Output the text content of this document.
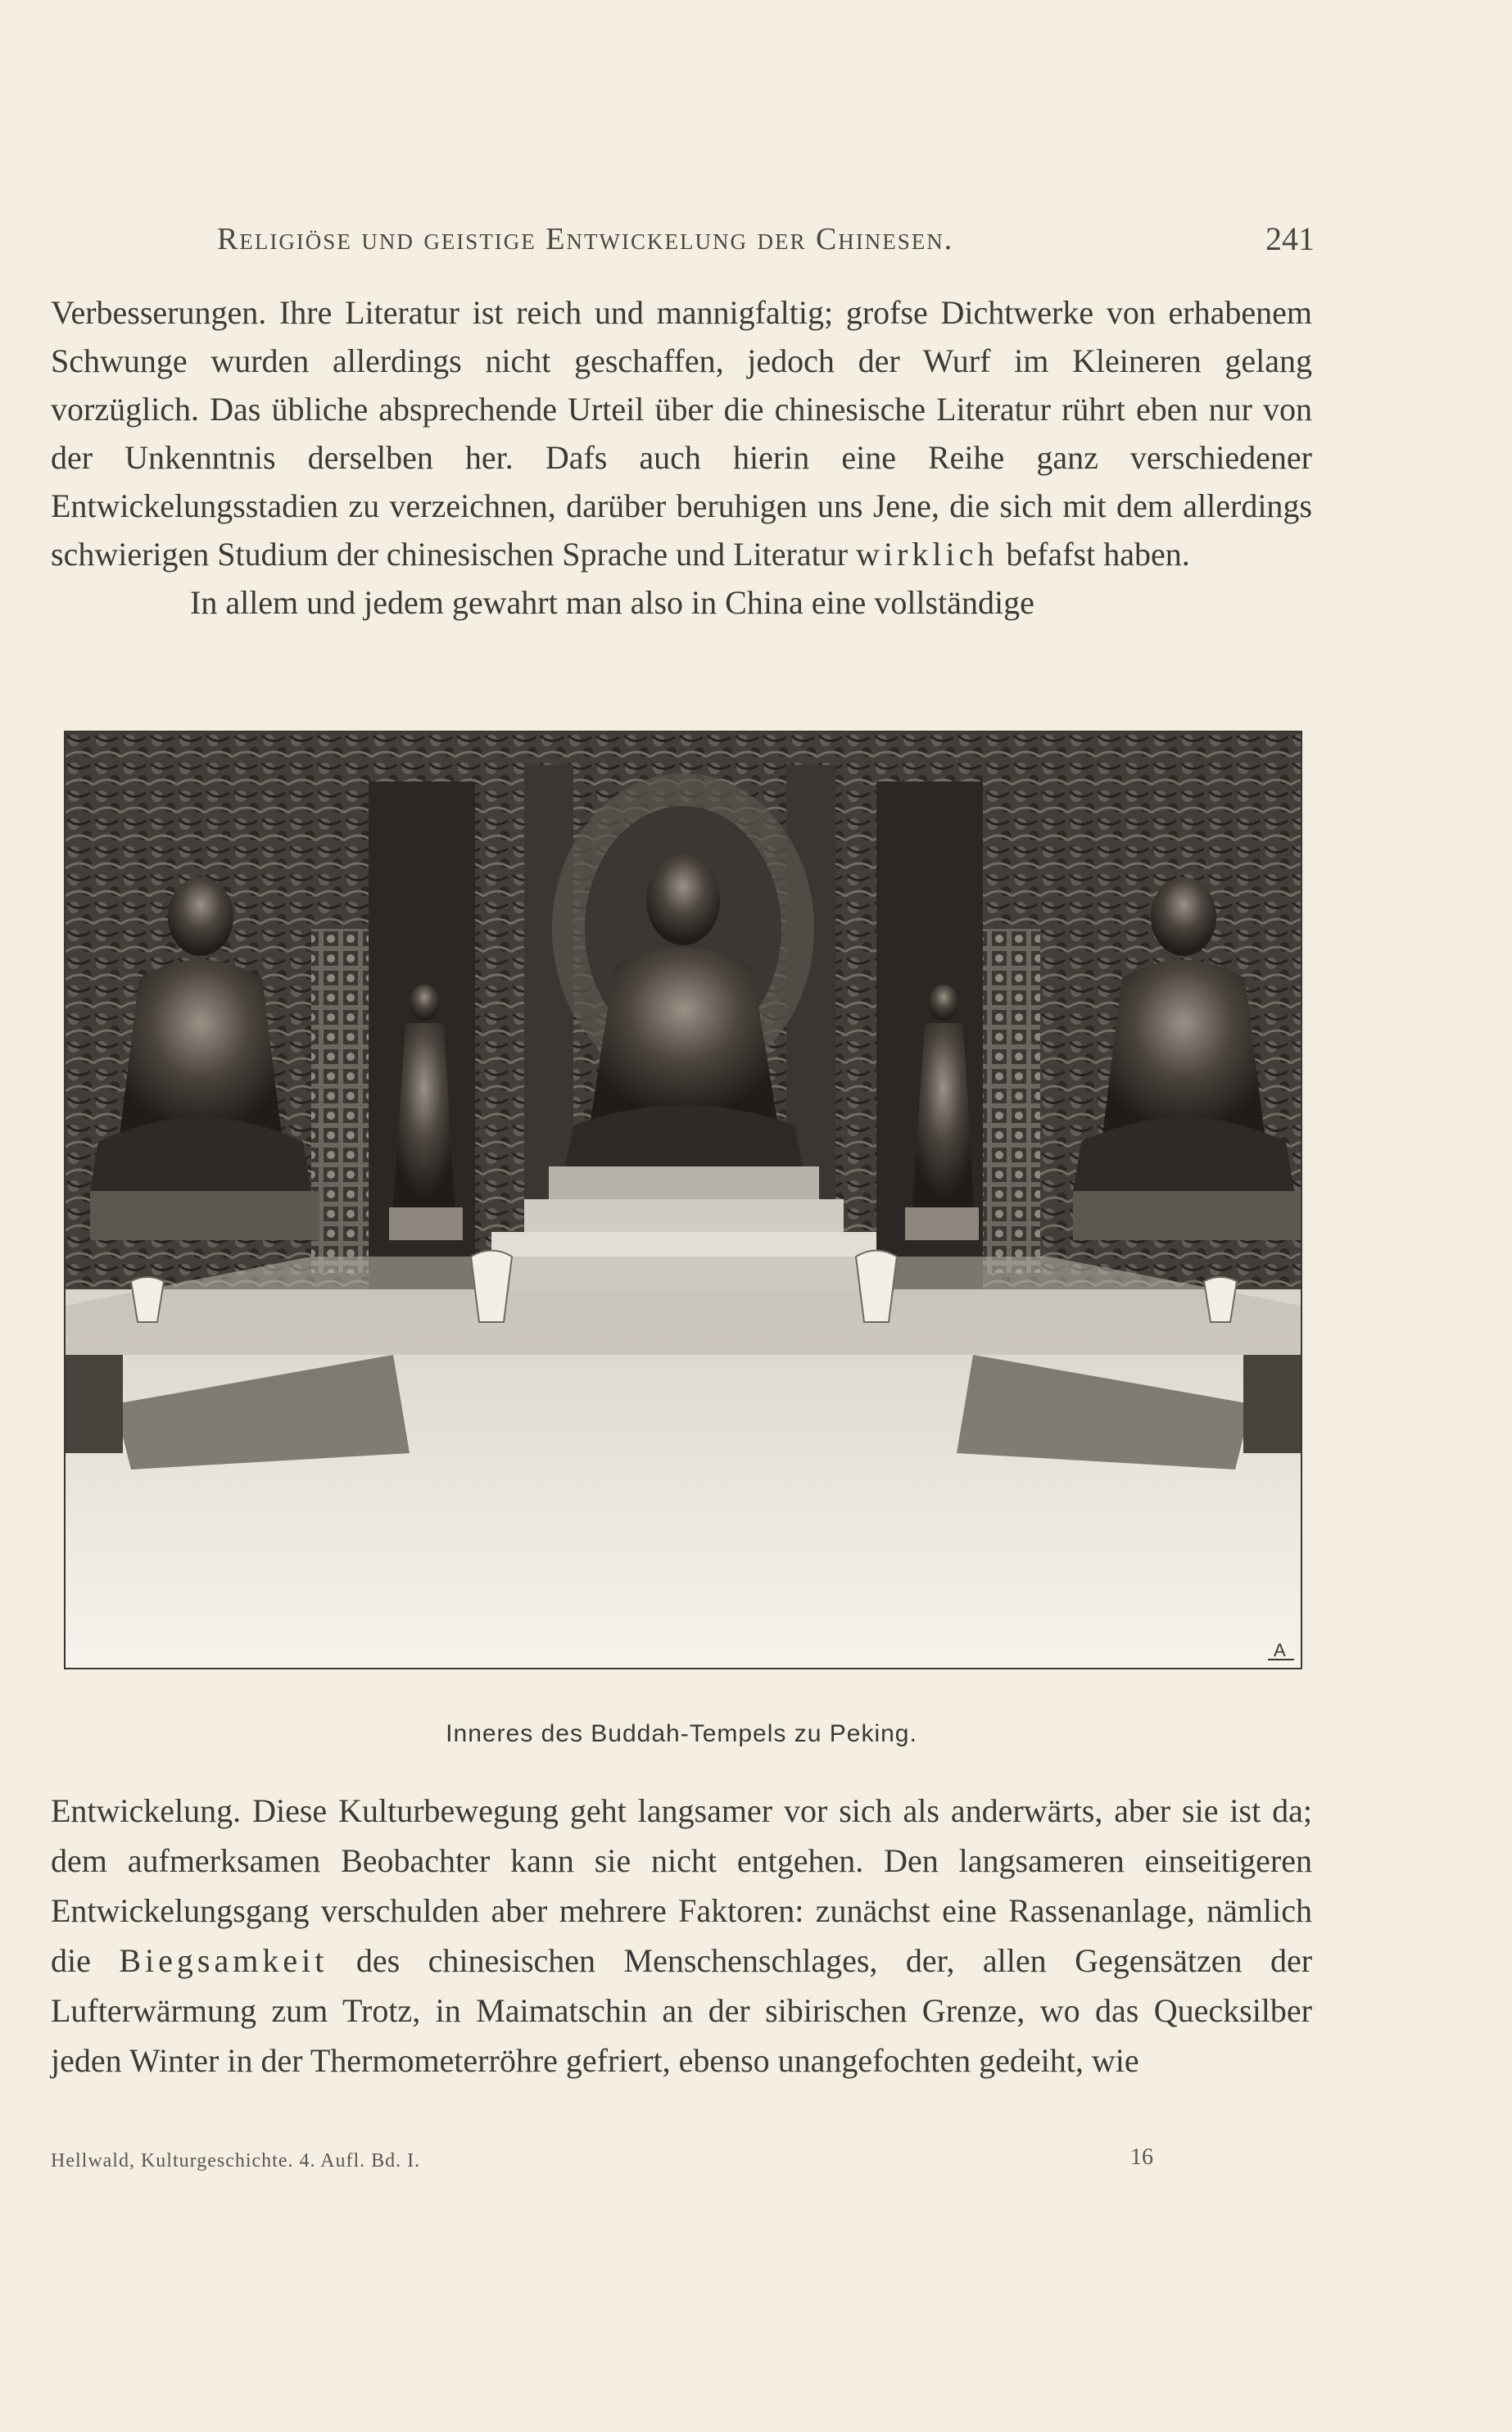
Religiöse und geistige Entwickelung der Chinesen.	241

Verbesserungen. Ihre Literatur ist reich und mannigfaltig; grofse Dichtwerke von erhabenem Schwunge wurden allerdings nicht geschaffen, jedoch der Wurf im Kleineren gelang vorzüglich. Das übliche absprechende Urteil über die chinesische Literatur rührt eben nur von der Unkenntnis derselben her. Dafs auch hierin eine Reihe ganz verschiedener Entwickelungsstadien zu verzeichnen, darüber beruhigen uns Jene, die sich mit dem allerdings schwierigen Studium der chinesischen Sprache und Literatur wirklich befafst haben.
In allem und jedem gewahrt man also in China eine vollständige

A
Inneres des Buddah-Tempels zu Peking.

Entwickelung. Diese Kulturbewegung geht langsamer vor sich als anderwärts, aber sie ist da; dem aufmerksamen Beobachter kann sie nicht entgehen. Den langsameren einseitigeren Entwickelungsgang verschulden aber mehrere Faktoren: zunächst eine Rassenanlage, nämlich die Biegsamkeit des chinesischen Menschenschlages, der, allen Gegensätzen der Lufterwärmung zum Trotz, in Maimatschin an der sibirischen Grenze, wo das Quecksilber jeden Winter in der Thermometerröhre gefriert, ebenso unangefochten gedeiht, wie

Hellwald, Kulturgeschichte. 4. Aufl. Bd. I.	16
